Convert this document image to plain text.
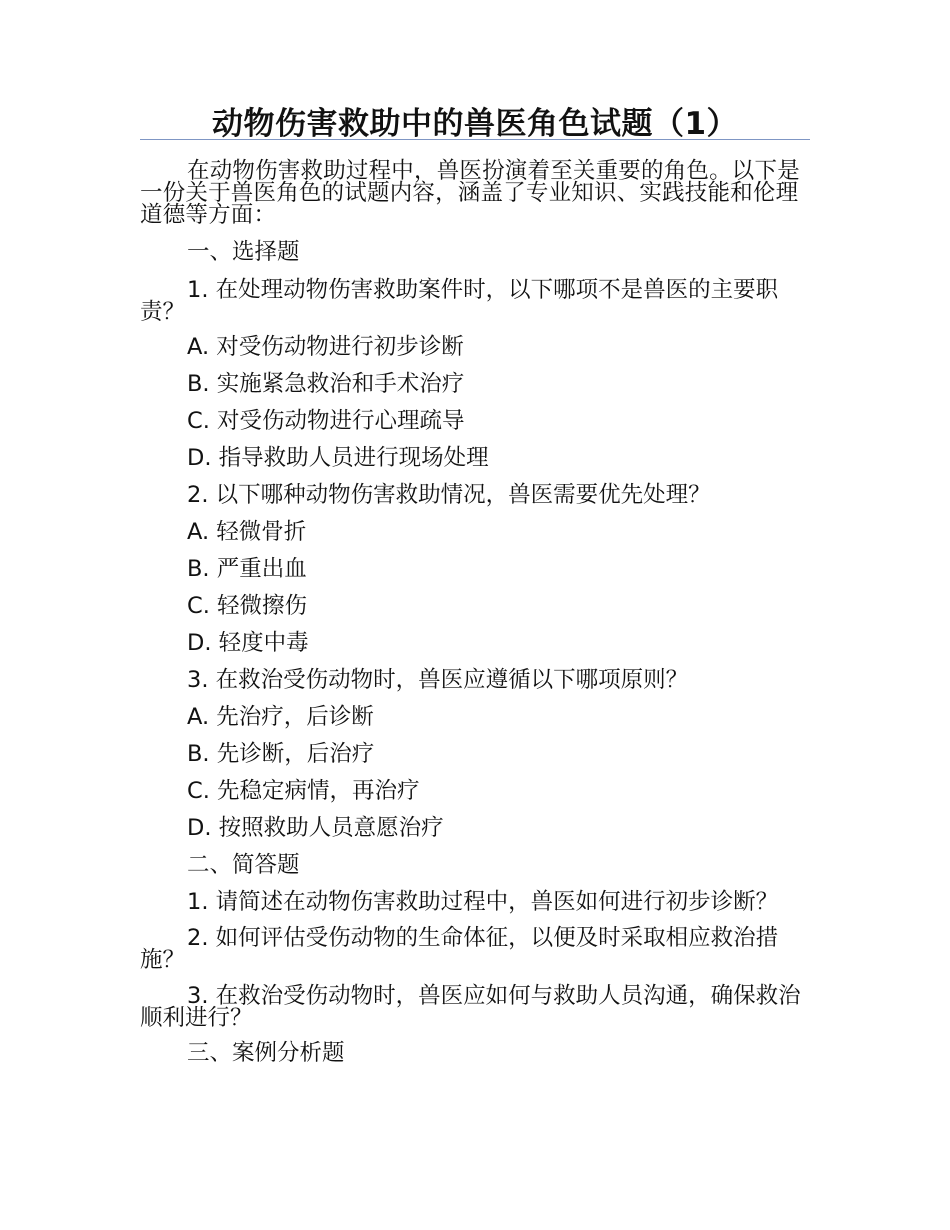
动物伤害救助中的兽医角色试题（1）

在动物伤害救助过程中，兽医扮演着至关重要的角色。以下是一份关于兽医角色的试题内容，涵盖了专业知识、实践技能和伦理道德等方面：

一、选择题

1. 在处理动物伤害救助案件时，以下哪项不是兽医的主要职责？

A. 对受伤动物进行初步诊断
B. 实施紧急救治和手术治疗
C. 对受伤动物进行心理疏导
D. 指导救助人员进行现场处理
2. 以下哪种动物伤害救助情况，兽医需要优先处理？
A. 轻微骨折
B. 严重出血
C. 轻微擦伤
D. 轻度中毒
3. 在救治受伤动物时，兽医应遵循以下哪项原则？
A. 先治疗，后诊断
B. 先诊断，后治疗
C. 先稳定病情，再治疗
D. 按照救助人员意愿治疗
二、简答题

1. 请简述在动物伤害救助过程中，兽医如何进行初步诊断？

2. 如何评估受伤动物的生命体征，以便及时采取相应救治措施？

3. 在救治受伤动物时，兽医应如何与救助人员沟通，确保救治顺利进行？

三、案例分析题
